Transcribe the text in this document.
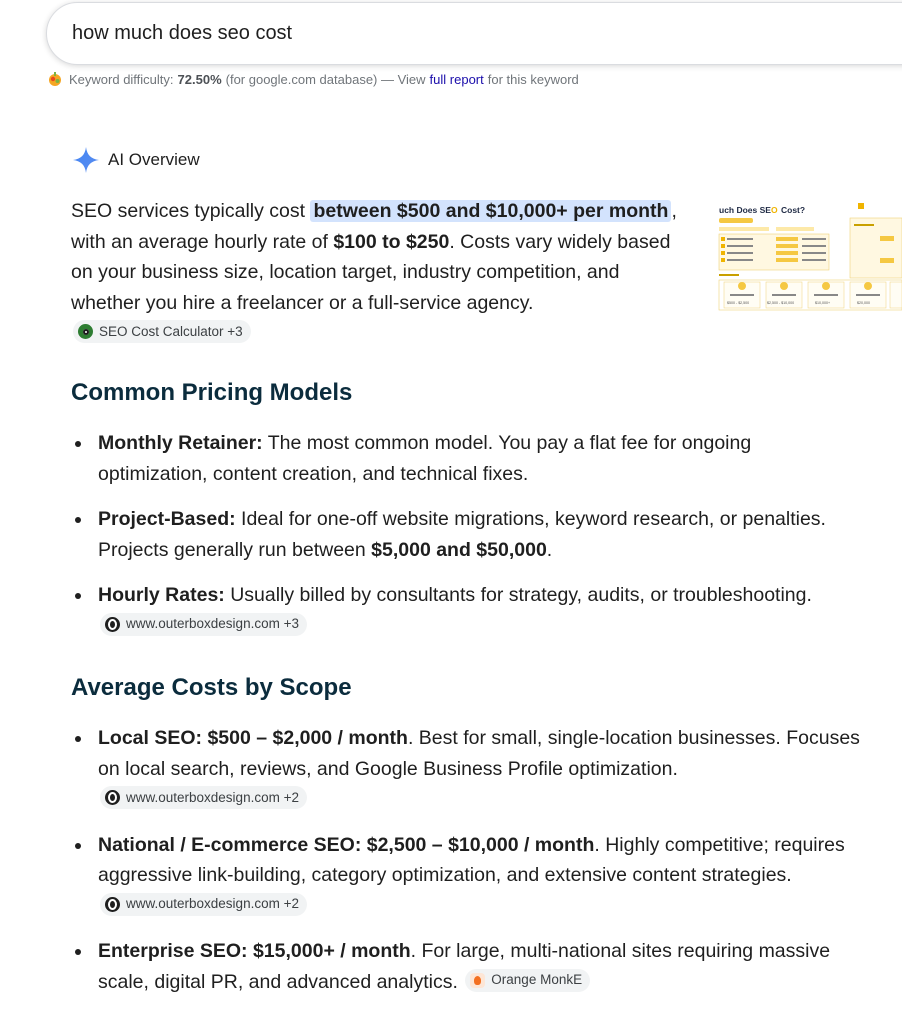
how much does seo cost
Keyword difficulty: 72.50% (for google.com database) — View full report for this keyword
AI Overview
SEO services typically cost between $500 and $10,000+ per month , with an average hourly rate of $100 to $250. Costs vary widely based on your business size, location target, industry competition, and whether you hire a freelancer or a full-service agency.
SEO Cost Calculator +3
uch Does SE O Cost?
$500 - $2,500	$2,500 - $10,000	$10,000+	$20,000
Common Pricing Models
Monthly Retainer: The most common model. You pay a flat fee for ongoing optimization, content creation, and technical fixes.
Project-Based: Ideal for one-off website migrations, keyword research, or penalties. Projects generally run between $5,000 and $50,000.
Hourly Rates: Usually billed by consultants for strategy, audits, or troubleshooting.
www.outerboxdesign.com +3
Average Costs by Scope
Local SEO: $500 – $2,000 / month. Best for small, single-location businesses. Focuses on local search, reviews, and Google Business Profile optimization.
www.outerboxdesign.com +2
National / E-commerce SEO: $2,500 – $10,000 / month. Highly competitive; requires aggressive link-building, category optimization, and extensive content strategies.
www.outerboxdesign.com +2
Enterprise SEO: $15,000+ / month. For large, multi-national sites requiring massive scale, digital PR, and advanced analytics. Orange MonkE
